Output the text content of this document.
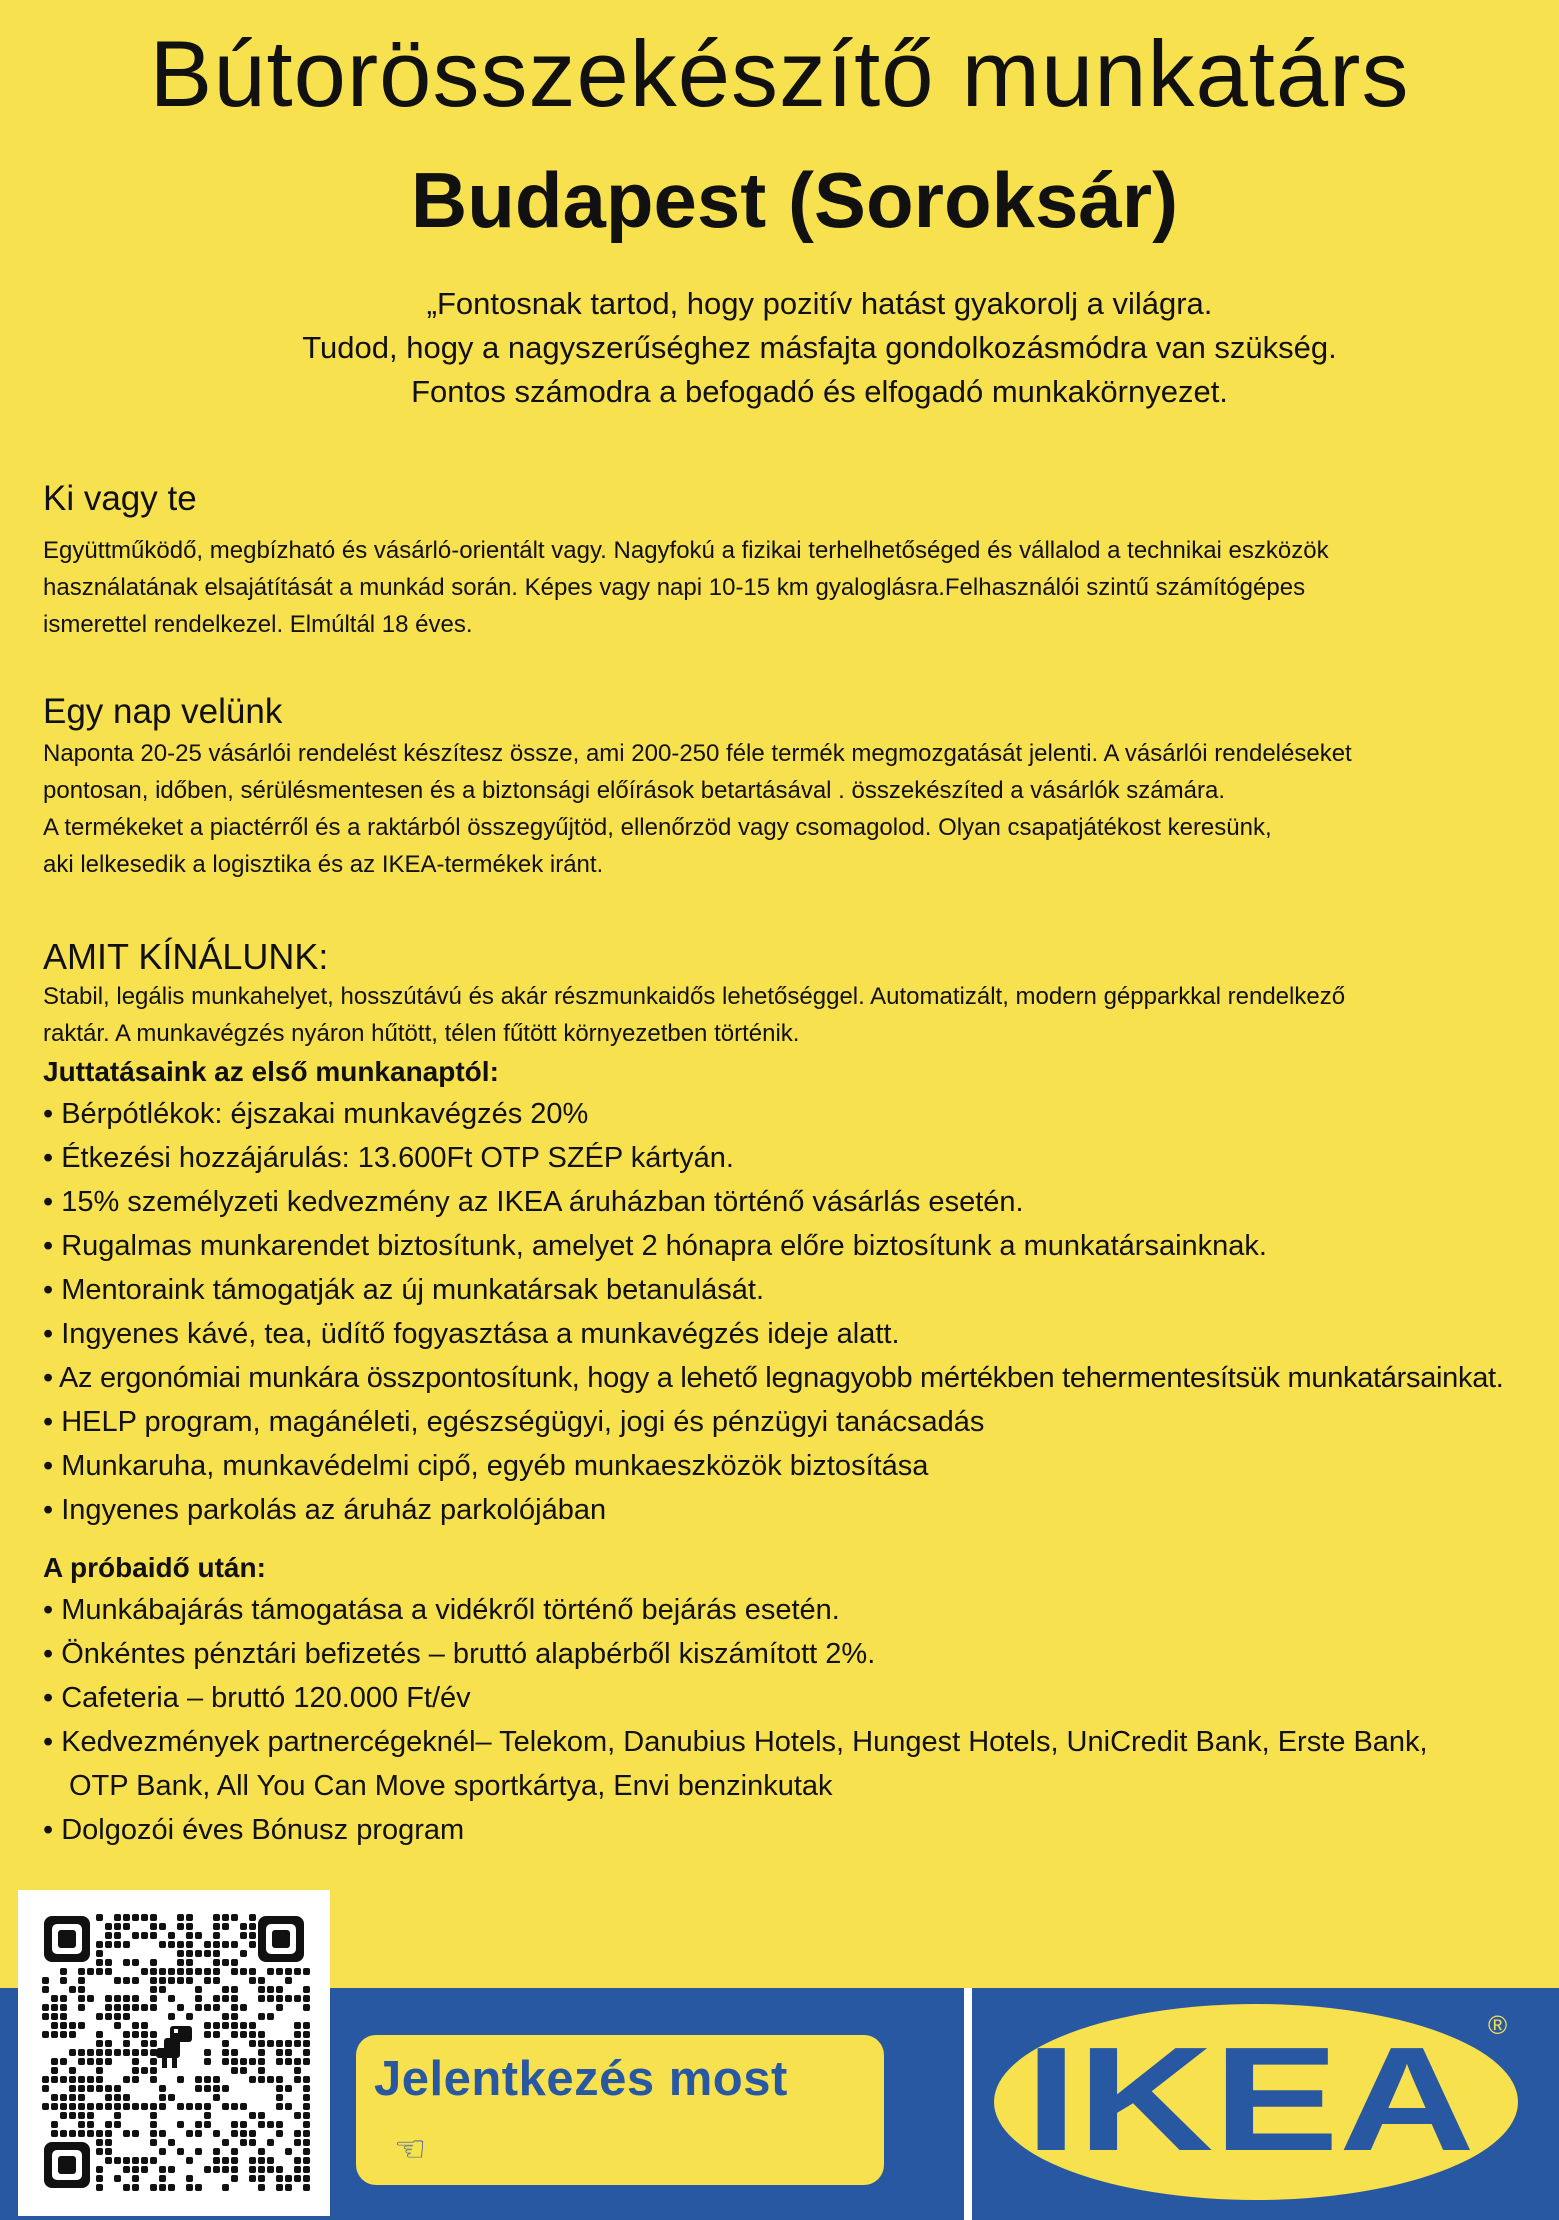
Bútorösszekészítő munkatárs
Budapest (Soroksár)
„Fontosnak tartod, hogy pozitív hatást gyakorolj a világra.
Tudod, hogy a nagyszerűséghez másfajta gondolkozásmódra van szükség.
Fontos számodra a befogadó és elfogadó munkakörnyezet.
Ki vagy te
Együttműködő, megbízható és vásárló-orientált vagy. Nagyfokú a fizikai terhelhetőséged és vállalod a technikai eszközök
használatának elsajátítását a munkád során. Képes vagy napi 10-15 km gyaloglásra.Felhasználói szintű számítógépes
ismerettel rendelkezel. Elmúltál 18 éves.
Egy nap velünk
Naponta 20-25 vásárlói rendelést készítesz össze, ami 200-250 féle termék megmozgatását jelenti. A vásárlói rendeléseket
pontosan, időben, sérülésmentesen és a biztonsági előírások betartásával . összekészíted a vásárlók számára.
A termékeket a piactérről és a raktárból összegyűjtöd, ellenőrzöd vagy csomagolod. Olyan csapatjátékost keresünk,
aki lelkesedik a logisztika és az IKEA-termékek iránt.
AMIT KÍNÁLUNK:
Stabil, legális munkahelyet, hosszútávú és akár részmunkaidős lehetőséggel. Automatizált, modern gépparkkal rendelkező
raktár. A munkavégzés nyáron hűtött, télen fűtött környezetben történik.
Juttatásaink az első munkanaptól:
• Bérpótlékok: éjszakai munkavégzés 20%
• Étkezési hozzájárulás: 13.600Ft OTP SZÉP kártyán.
• 15% személyzeti kedvezmény az IKEA áruházban történő vásárlás esetén.
• Rugalmas munkarendet biztosítunk, amelyet 2 hónapra előre biztosítunk a munkatársainknak.
• Mentoraink támogatják az új munkatársak betanulását.
• Ingyenes kávé, tea, üdítő fogyasztása a munkavégzés ideje alatt.
• Az ergonómiai munkára összpontosítunk, hogy a lehető legnagyobb mértékben tehermentesítsük munkatársainkat.
• HELP program, magánéleti, egészségügyi, jogi és pénzügyi tanácsadás
• Munkaruha, munkavédelmi cipő, egyéb munkaeszközök biztosítása
• Ingyenes parkolás az áruház parkolójában
A próbaidő után:
• Munkábajárás támogatása a vidékről történő bejárás esetén.
• Önkéntes pénztári befizetés – bruttó alapbérből kiszámított 2%.
• Cafeteria – bruttó 120.000 Ft/év
• Kedvezmények partnercégeknél– Telekom, Danubius Hotels, Hungest Hotels, UniCredit Bank, Erste Bank,
OTP Bank, All You Can Move sportkártya, Envi benzinkutak
• Dolgozói éves Bónusz program
Jelentkezés most
☜	IKEA ®
